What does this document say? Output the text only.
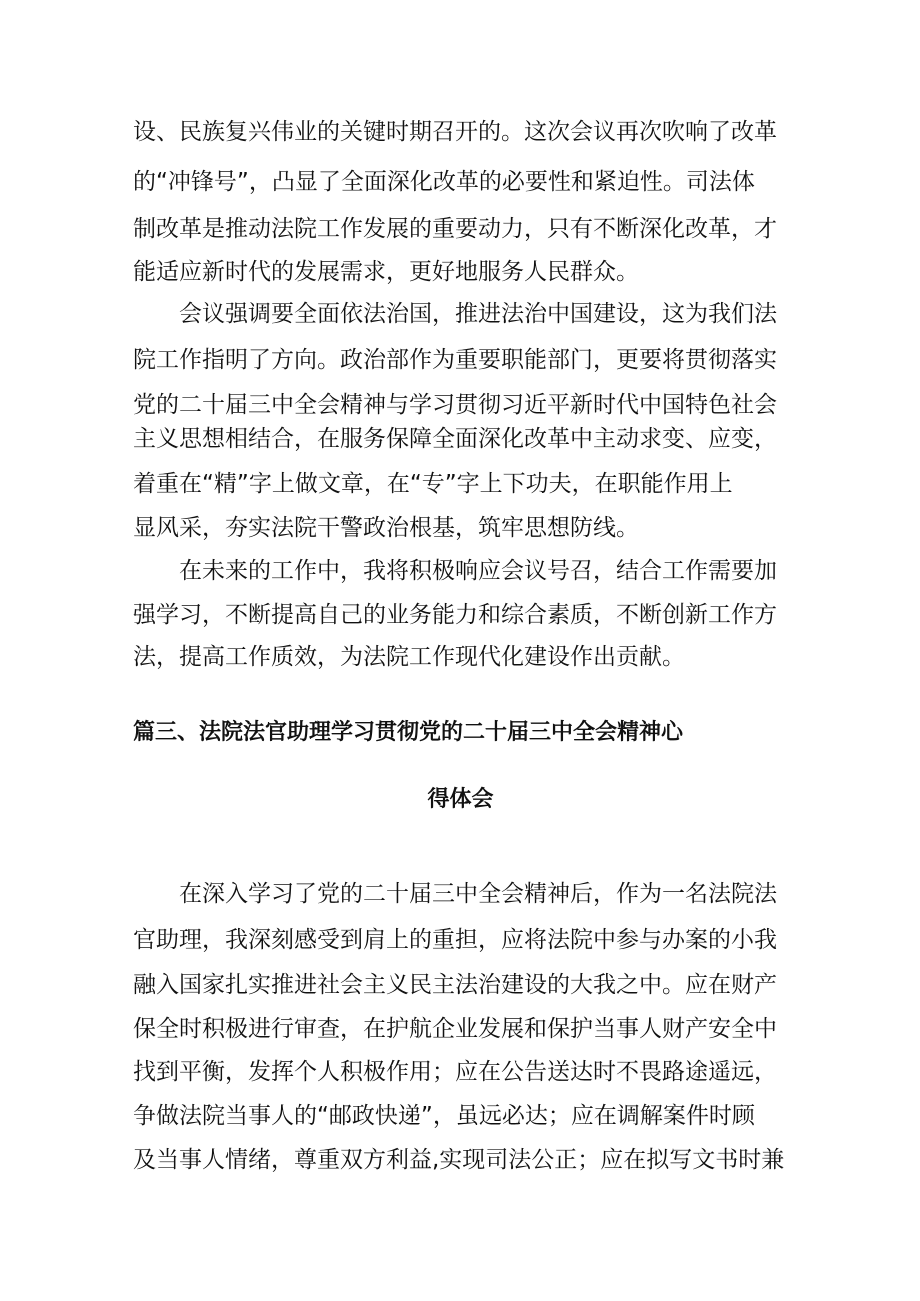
设、民族复兴伟业的关键时期召开的。这次会议再次吹响了改革
的“冲锋号”，凸显了全面深化改革的必要性和紧迫性。司法体
制改革是推动法院工作发展的重要动力，只有不断深化改革，才
能适应新时代的发展需求，更好地服务人民群众。
　　会议强调要全面依法治国，推进法治中国建设，这为我们法
院工作指明了方向。政治部作为重要职能部门，更要将贯彻落实
党的二十届三中全会精神与学习贯彻习近平新时代中国特色社会
主义思想相结合，在服务保障全面深化改革中主动求变、应变，
着重在“精”字上做文章，在“专”字上下功夫，在职能作用上
显风采，夯实法院干警政治根基，筑牢思想防线。
　　在未来的工作中，我将积极响应会议号召，结合工作需要加
强学习，不断提高自己的业务能力和综合素质，不断创新工作方
法，提高工作质效，为法院工作现代化建设作出贡献。
篇三、法院法官助理学习贯彻党的二十届三中全会精神心
得体会
　　在深入学习了党的二十届三中全会精神后，作为一名法院法
官助理，我深刻感受到肩上的重担，应将法院中参与办案的小我
融入国家扎实推进社会主义民主法治建设的大我之中。应在财产
保全时积极进行审查，在护航企业发展和保护当事人财产安全中
找到平衡，发挥个人积极作用；应在公告送达时不畏路途遥远，
争做法院当事人的“邮政快递”，虽远必达；应在调解案件时顾
及当事人情绪，尊重双方利益,实现司法公正；应在拟写文书时兼
